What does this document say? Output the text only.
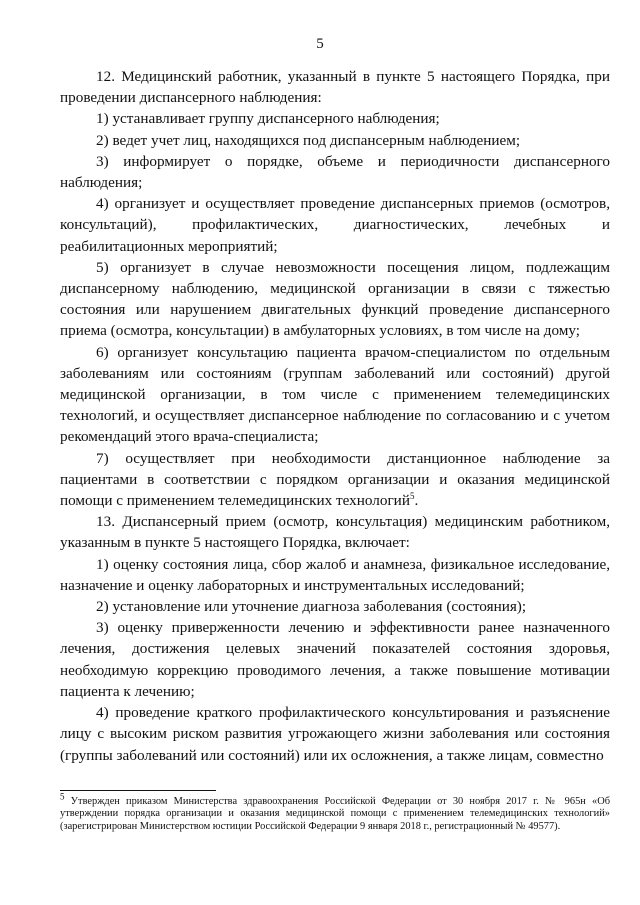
5

12. Медицинский работник, указанный в пункте 5 настоящего Порядка, при проведении диспансерного наблюдения:

1) устанавливает группу диспансерного наблюдения;

2) ведет учет лиц, находящихся под диспансерным наблюдением;

3) информирует о порядке, объеме и периодичности диспансерного наблюдения;

4) организует и осуществляет проведение диспансерных приемов (осмотров, консультаций), профилактических, диагностических, лечебных и реабилитационных мероприятий;

5) организует в случае невозможности посещения лицом, подлежащим диспансерному наблюдению, медицинской организации в связи с тяжестью состояния или нарушением двигательных функций проведение диспансерного приема (осмотра, консультации) в амбулаторных условиях, в том числе на дому;

6) организует консультацию пациента врачом-специалистом по отдельным заболеваниям или состояниям (группам заболеваний или состояний) другой медицинской организации, в том числе с применением телемедицинских технологий, и осуществляет диспансерное наблюдение по согласованию и с учетом рекомендаций этого врача-специалиста;

7) осуществляет при необходимости дистанционное наблюдение за пациентами в соответствии с порядком организации и оказания медицинской помощи с применением телемедицинских технологий$^5$.

13. Диспансерный прием (осмотр, консультация) медицинским работником, указанным в пункте 5 настоящего Порядка, включает:

1) оценку состояния лица, сбор жалоб и анамнеза, физикальное исследование, назначение и оценку лабораторных и инструментальных исследований;

2) установление или уточнение диагноза заболевания (состояния);

3) оценку приверженности лечению и эффективности ранее назначенного лечения, достижения целевых значений показателей состояния здоровья, необходимую коррекцию проводимого лечения, а также повышение мотивации пациента к лечению;

4) проведение краткого профилактического консультирования и разъяснение лицу с высоким риском развития угрожающего жизни заболевания или состояния (группы заболеваний или состояний) или их осложнения, а также лицам, совместно

$^5$ Утвержден приказом Министерства здравоохранения Российской Федерации от 30 ноября 2017 г. № 965н «Об утверждении порядка организации и оказания медицинской помощи с применением телемедицинских технологий» (зарегистрирован Министерством юстиции Российской Федерации 9 января 2018 г., регистрационный № 49577).
